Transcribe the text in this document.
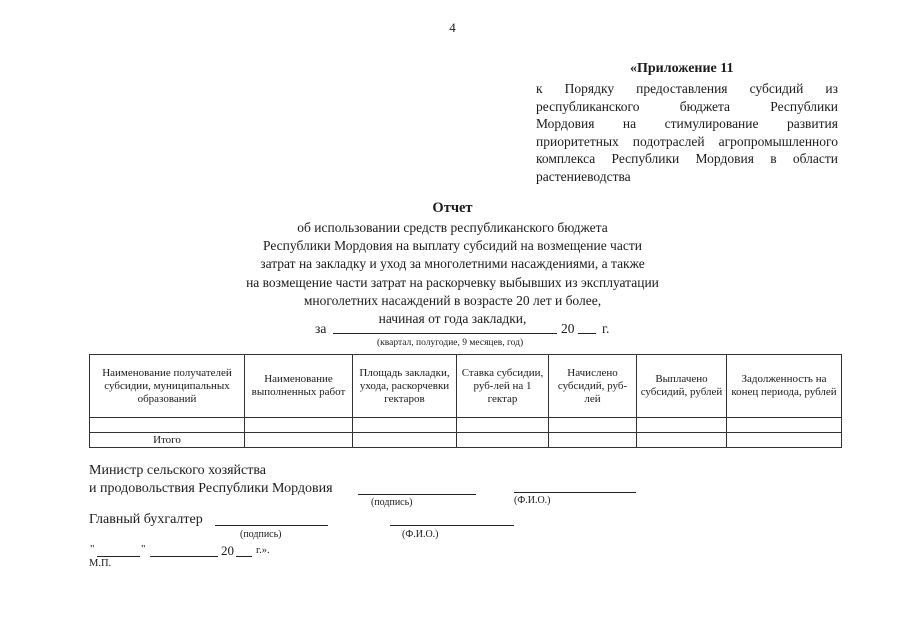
4
«Приложение 11
к Порядку предоставления субсидий из
республиканского бюджета Республики
Мордовия на стимулирование развития
приоритетных подотраслей агропромышленного
комплекса Республики Мордовия в области
растениеводства
Отчет
об использовании средств республиканского бюджета
Республики Мордовия на выплату субсидий на возмещение части
затрат на закладку и уход за многолетними насаждениями, а также
на возмещение части затрат на раскорчевку выбывших из эксплуатации
многолетних насаждений в возрасте 20 лет и более,
начиная от года закладки,
за	20 г.
(квартал, полугодие, 9 месяцев, год)
Наименование получателей субсидии, муниципальных образований	Наименование выполненных работ	Площадь закладки, ухода, раскорчевки гектаров	Ставка субсидии, руб-лей на 1 гектар	Начислено субсидий, руб-лей	Выплачено субсидий, рублей	Задолженность на конец периода, рублей

Итого						
Министр сельского хозяйства
и продовольствия Республики Мордовия
(подпись)	(Ф.И.О.)
Главный бухгалтер
(подпись)	(Ф.И.О.)
"	"	20 г.».
М.П.
